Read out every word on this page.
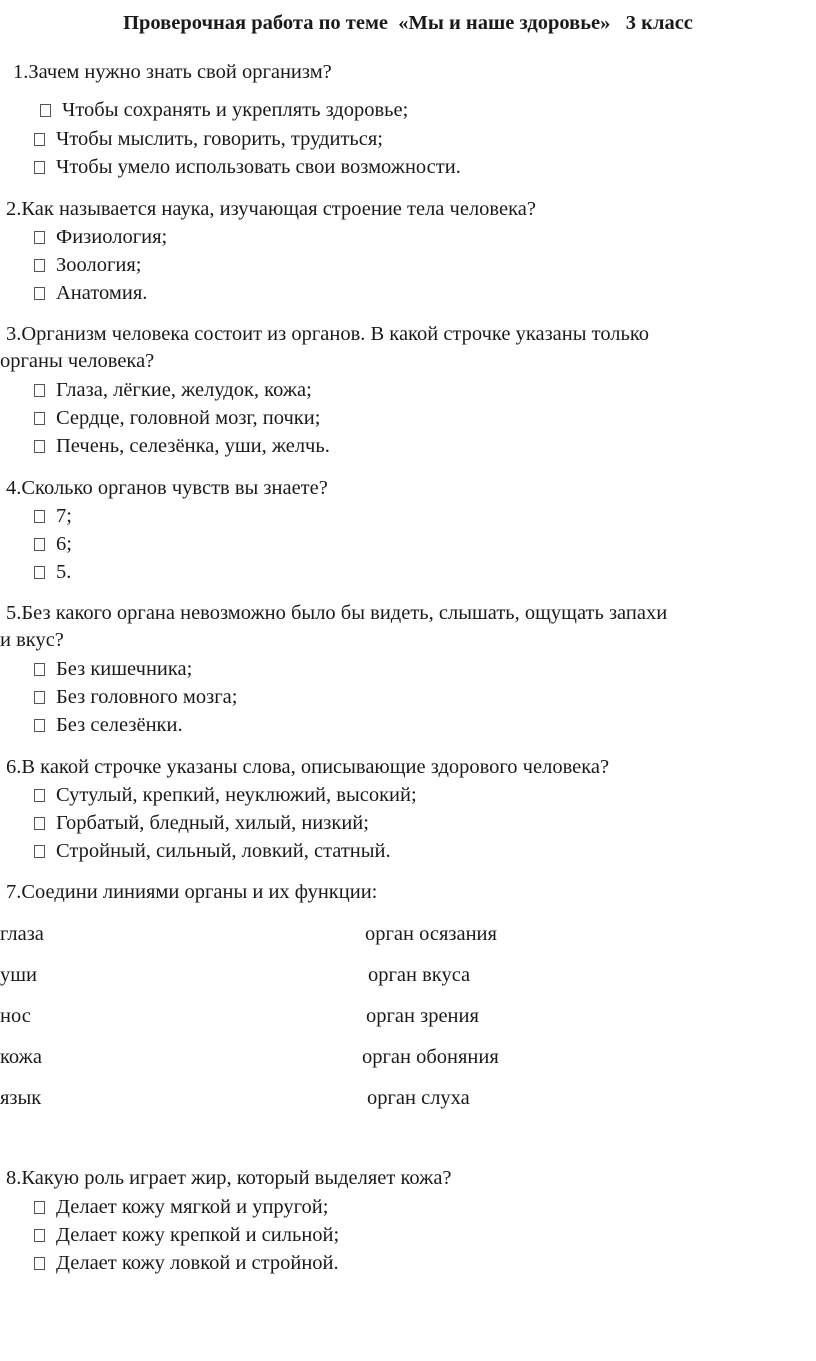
Проверочная работа по теме  «Мы и наше здоровье»   3 класс
1.Зачем нужно знать свой организм?
Чтобы сохранять и укреплять здоровье;
Чтобы мыслить, говорить, трудиться;
Чтобы умело использовать свои возможности.
2.Как называется наука, изучающая строение тела человека?
Физиология;
Зоология;
Анатомия.
3.Организм человека состоит из органов. В какой строчке указаны только
органы человека?
Глаза, лёгкие, желудок, кожа;
Сердце, головной мозг, почки;
Печень, селезёнка, уши, желчь.
4.Сколько органов чувств вы знаете?
7;
6;
5.
5.Без какого органа невозможно было бы видеть, слышать, ощущать запахи
и вкус?
Без кишечника;
Без головного мозга;
Без селезёнки.
6.В какой строчке указаны слова, описывающие здорового человека?
Сутулый, крепкий, неуклюжий, высокий;
Горбатый, бледный, хилый, низкий;
Стройный, сильный, ловкий, статный.
7.Соедини линиями органы и их функции:
глаза
уши
нос
кожа
язык
орган осязания
орган вкуса
орган зрения
орган обоняния
орган слуха
8.Какую роль играет жир, который выделяет кожа?
Делает кожу мягкой и упругой;
Делает кожу крепкой и сильной;
Делает кожу ловкой и стройной.
